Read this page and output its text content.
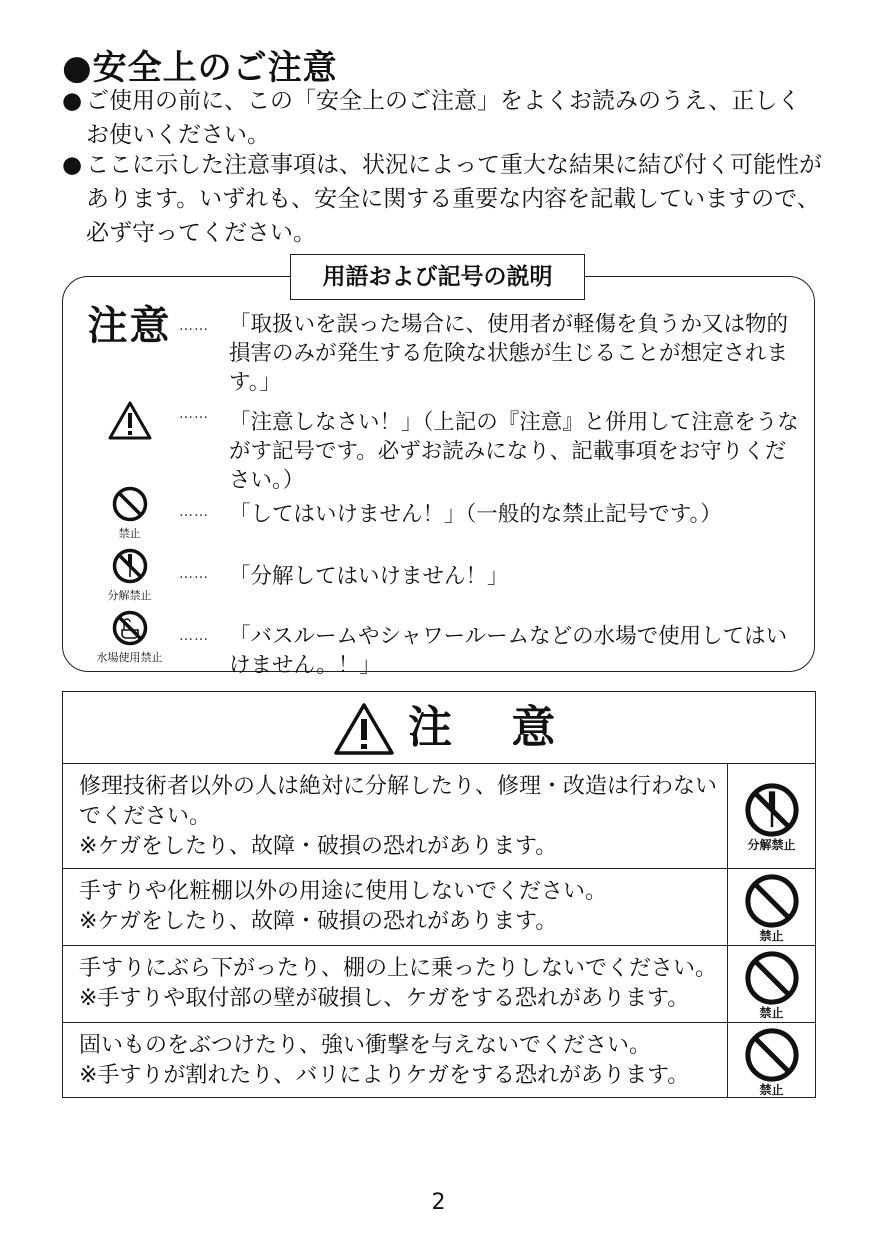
●安全上のご注意
● ご使用の前に、この「安全上のご注意」をよくお読みのうえ、正しくお使いください。
● ここに示した注意事項は、状況によって重大な結果に結び付く可能性があります。いずれも、安全に関する重要な内容を記載していますので、必ず守ってください。
用語および記号の説明
注意 …… 「取扱いを誤った場合に、使用者が軽傷を負うか又は物的損害のみが発生する危険な状態が生じることが想定されます。」
…… 「注意しなさい！」（上記の『注意』と併用して注意をうながす記号です。必ずお読みになり、記載事項をお守りください。）
禁止
…… 「してはいけません！」（一般的な禁止記号です。）
分解禁止
…… 「分解してはいけません！」
水場使用禁止
…… 「バスルームやシャワールームなどの水場で使用してはいけません。！」
注 意
修理技術者以外の人は絶対に分解したり、修理・改造は行わないでください。
※ケガをしたり、故障・破損の恐れがあります。	分解禁止
手すりや化粧棚以外の用途に使用しないでください。
※ケガをしたり、故障・破損の恐れがあります。
禁止
手すりにぶら下がったり、棚の上に乗ったりしないでください。
※手すりや取付部の壁が破損し、ケガをする恐れがあります。
禁止
固いものをぶつけたり、強い衝撃を与えないでください。
※手すりが割れたり、バリによりケガをする恐れがあります。
禁止
2
